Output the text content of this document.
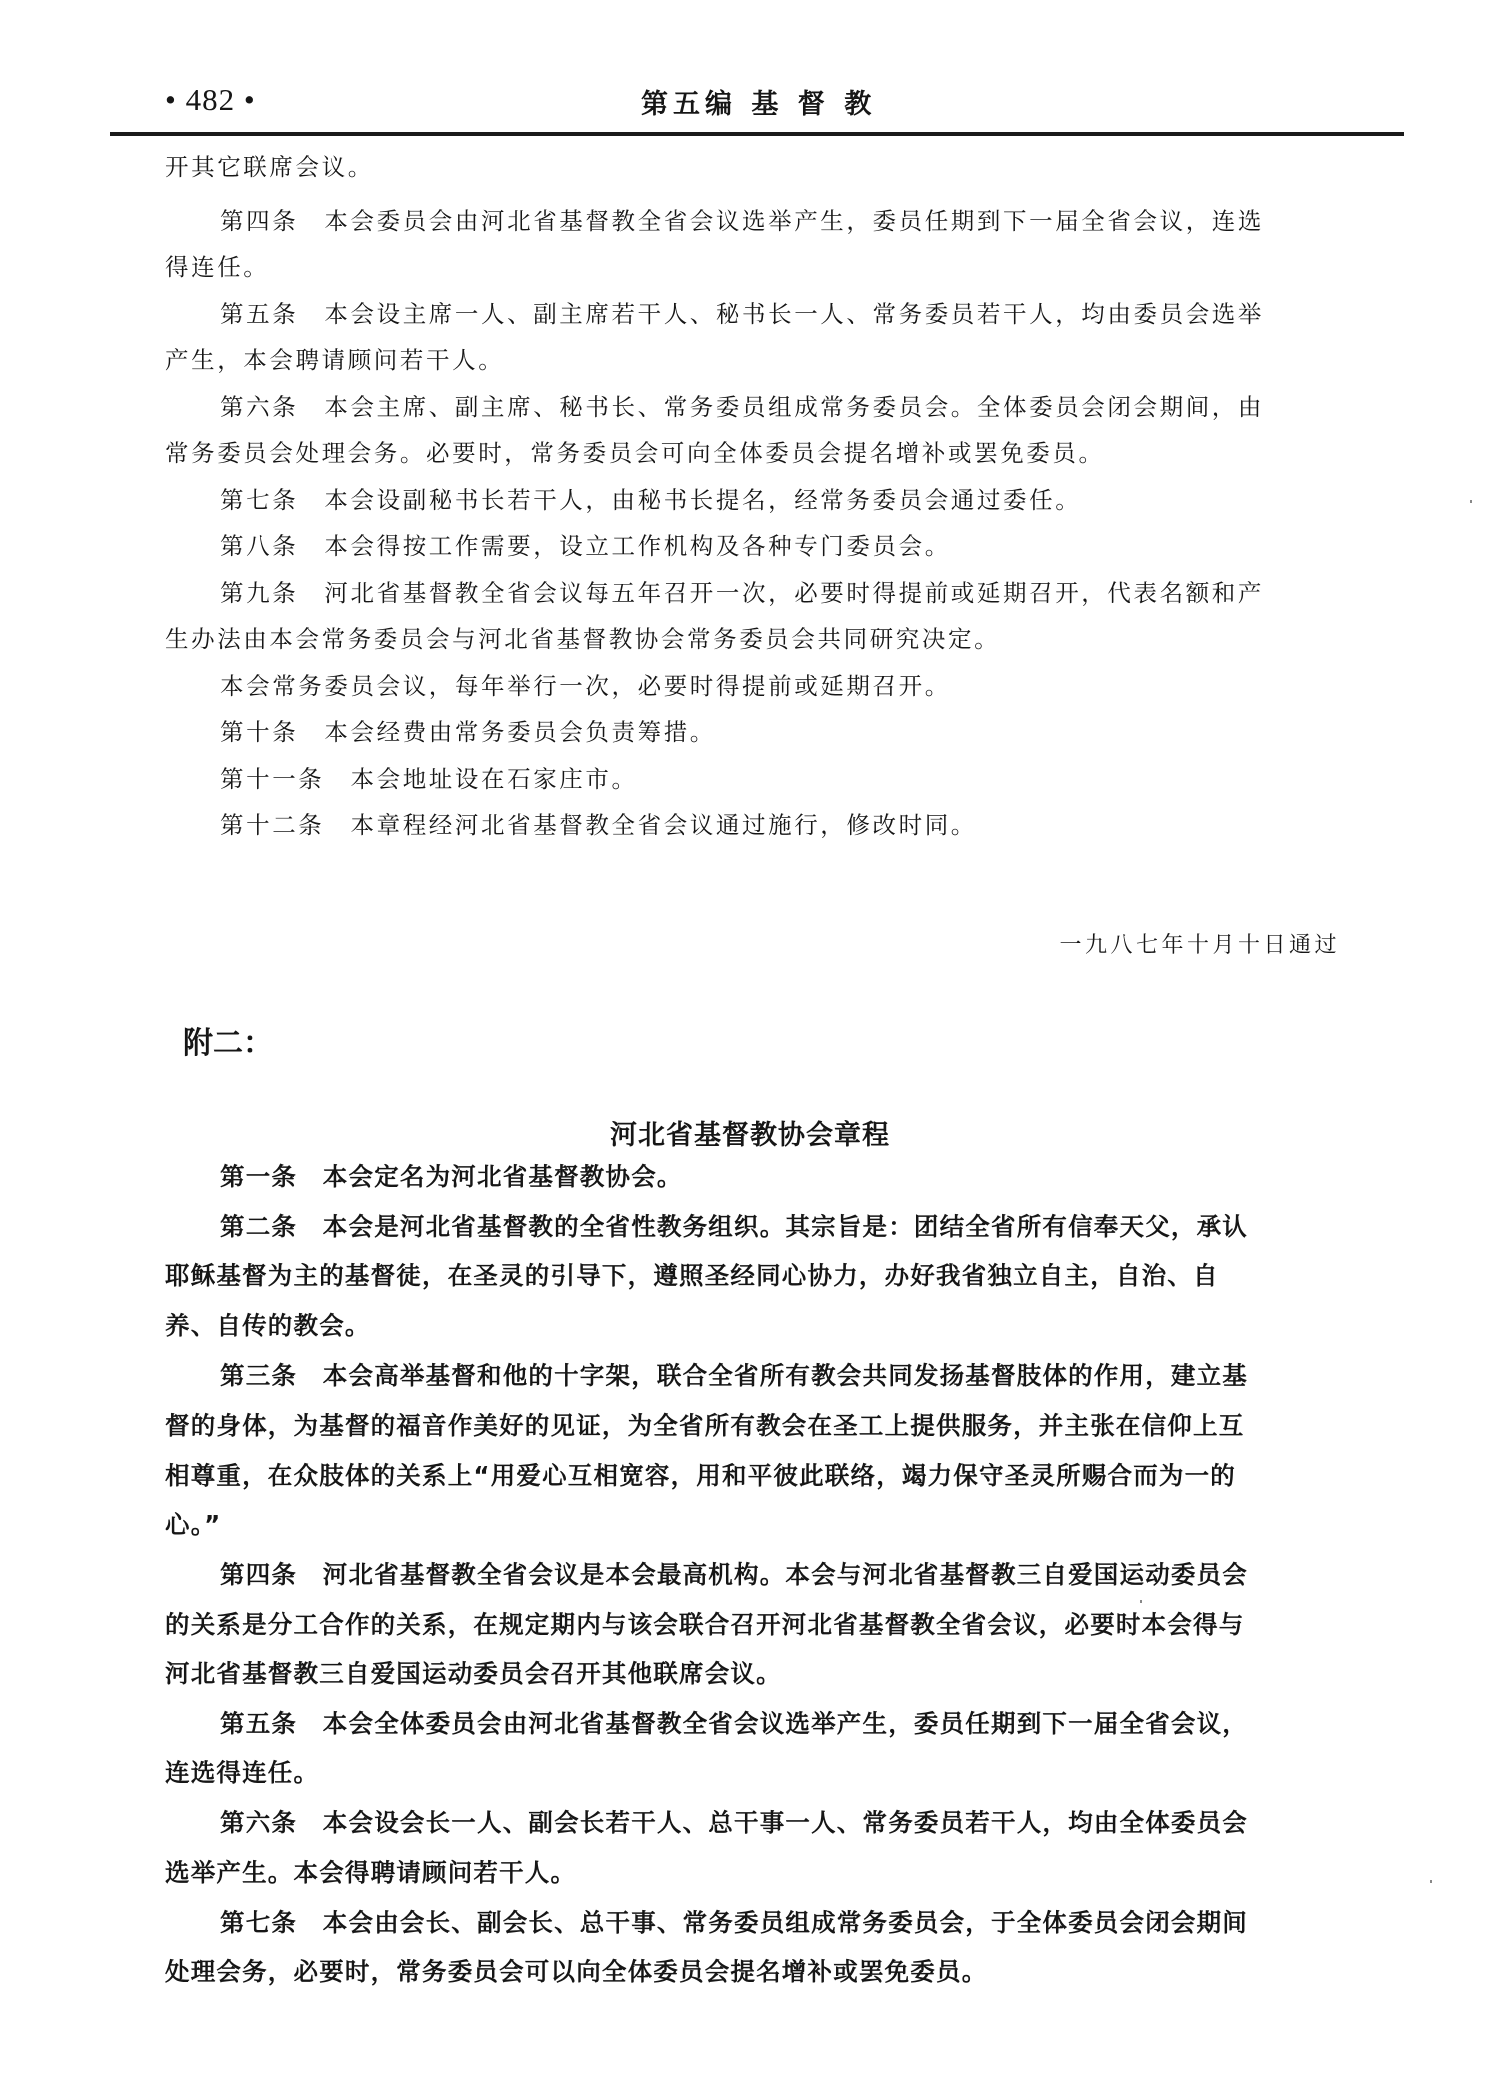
• 482 •	第五编 基 督 教
开其它联席会议。
第四条　本会委员会由河北省基督教全省会议选举产生，委员任期到下一届全省会议，连选
得连任。
第五条　本会设主席一人、副主席若干人、秘书长一人、常务委员若干人，均由委员会选举
产生，本会聘请顾问若干人。
第六条　本会主席、副主席、秘书长、常务委员组成常务委员会。全体委员会闭会期间，由
常务委员会处理会务。必要时，常务委员会可向全体委员会提名增补或罢免委员。
第七条　本会设副秘书长若干人，由秘书长提名，经常务委员会通过委任。
第八条　本会得按工作需要，设立工作机构及各种专门委员会。
第九条　河北省基督教全省会议每五年召开一次，必要时得提前或延期召开，代表名额和产
生办法由本会常务委员会与河北省基督教协会常务委员会共同研究决定。
本会常务委员会议，每年举行一次，必要时得提前或延期召开。
第十条　本会经费由常务委员会负责筹措。
第十一条　本会地址设在石家庄市。
第十二条　本章程经河北省基督教全省会议通过施行，修改时同。
一九八七年十月十日通过
附二：
河北省基督教协会章程
第一条　本会定名为河北省基督教协会。
第二条　本会是河北省基督教的全省性教务组织。其宗旨是：团结全省所有信奉天父，承认
耶稣基督为主的基督徒，在圣灵的引导下，遵照圣经同心协力，办好我省独立自主，自治、自
养、自传的教会。
第三条　本会高举基督和他的十字架，联合全省所有教会共同发扬基督肢体的作用，建立基
督的身体，为基督的福音作美好的见证，为全省所有教会在圣工上提供服务，并主张在信仰上互
相尊重，在众肢体的关系上“用爱心互相宽容，用和平彼此联络，竭力保守圣灵所赐合而为一的
心。”
第四条　河北省基督教全省会议是本会最高机构。本会与河北省基督教三自爱国运动委员会
的关系是分工合作的关系，在规定期内与该会联合召开河北省基督教全省会议，必要时本会得与
河北省基督教三自爱国运动委员会召开其他联席会议。
第五条　本会全体委员会由河北省基督教全省会议选举产生，委员任期到下一届全省会议，
连选得连任。
第六条　本会设会长一人、副会长若干人、总干事一人、常务委员若干人，均由全体委员会
选举产生。本会得聘请顾问若干人。
第七条　本会由会长、副会长、总干事、常务委员组成常务委员会，于全体委员会闭会期间
处理会务，必要时，常务委员会可以向全体委员会提名增补或罢免委员。
